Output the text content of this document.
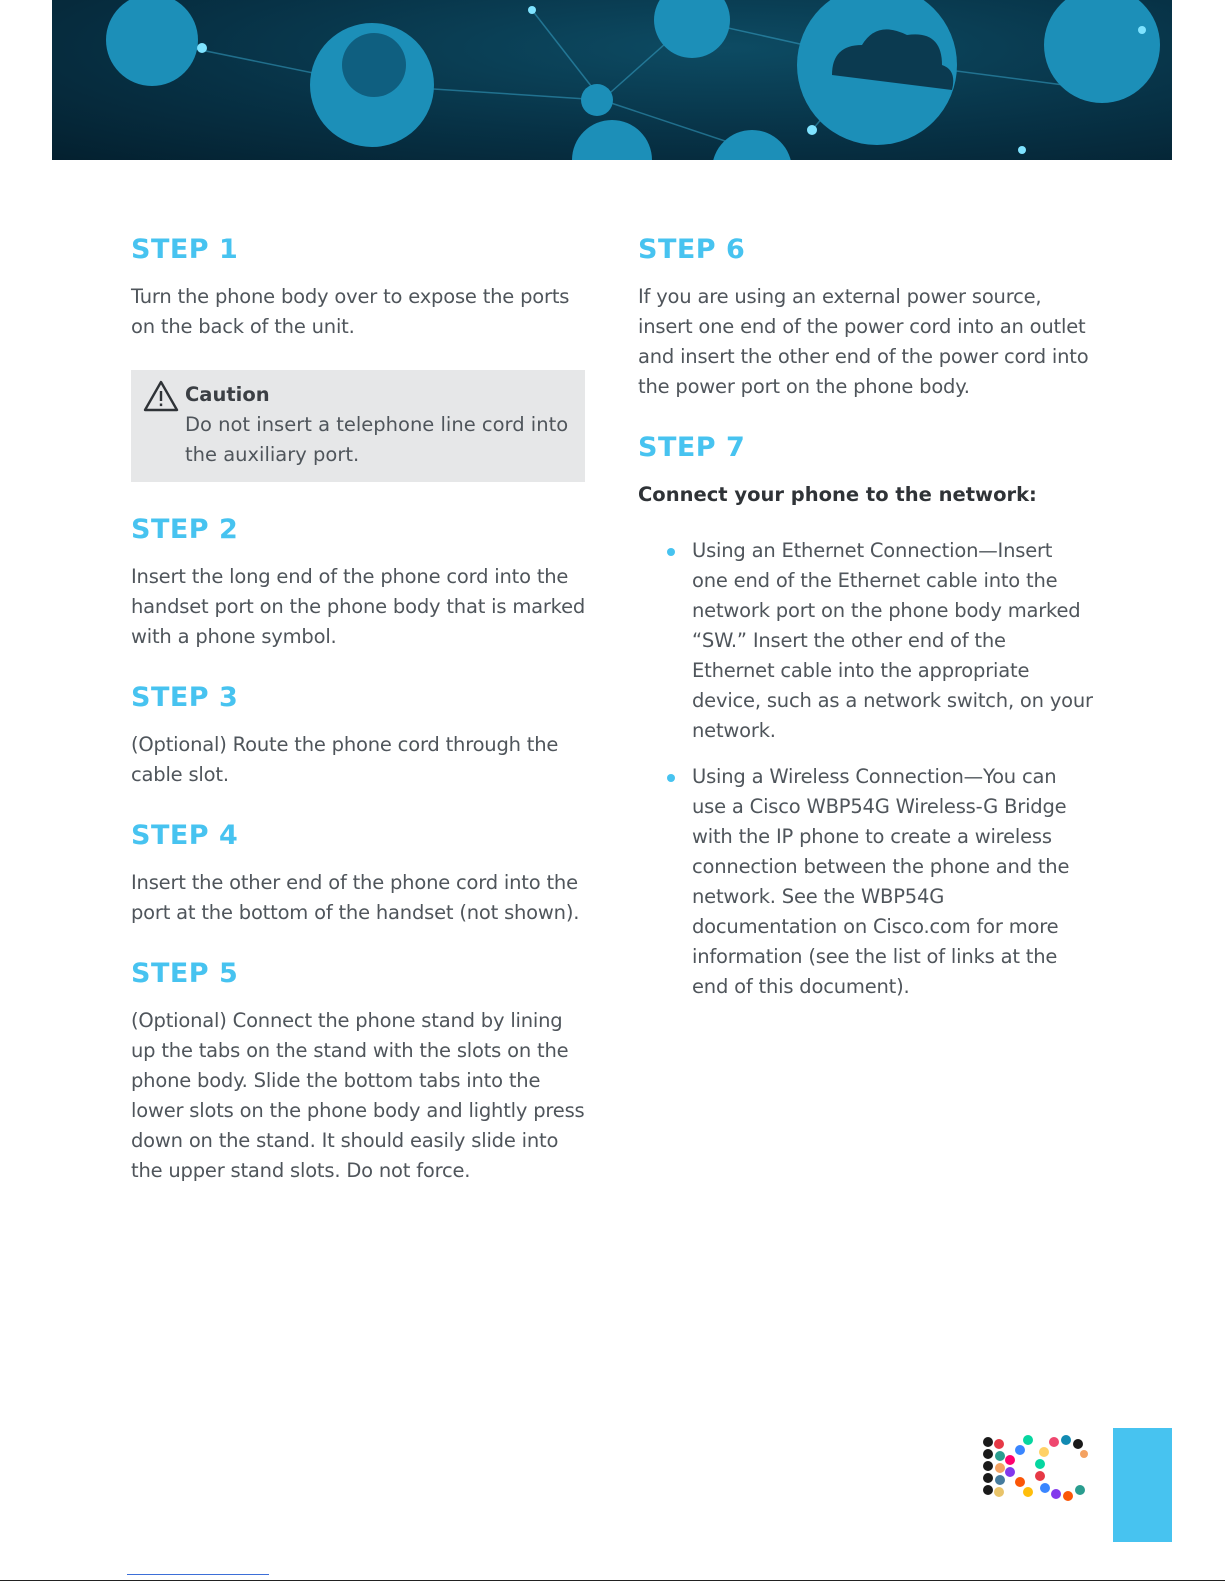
STEP 1

Turn the phone body over to expose the ports on the back of the unit.

Caution
Do not insert a telephone line cord into the auxiliary port.
STEP 2

Insert the long end of the phone cord into the handset port on the phone body that is marked with a phone symbol.

STEP 3

(Optional) Route the phone cord through the cable slot.

STEP 4

Insert the other end of the phone cord into the port at the bottom of the handset (not shown).

STEP 5

(Optional) Connect the phone stand by lining up the tabs on the stand with the slots on the phone body. Slide the bottom tabs into the lower slots on the phone body and lightly press down on the stand. It should easily slide into the upper stand slots. Do not force.

STEP 6

If you are using an external power source, insert one end of the power cord into an outlet and insert the other end of the power cord into the power port on the phone body.

STEP 7

Connect your phone to the network:

Using an Ethernet Connection—Insert one end of the Ethernet cable into the network port on the phone body marked “SW.” Insert the other end of the Ethernet cable into the appropriate device, such as a network switch, on your network.
Using a Wireless Connection—You can use a Cisco WBP54G Wireless-G Bridge with the IP phone to create a wireless connection between the phone and the network. See the WBP54G documentation on Cisco.com for more information (see the list of links at the end of this document).
